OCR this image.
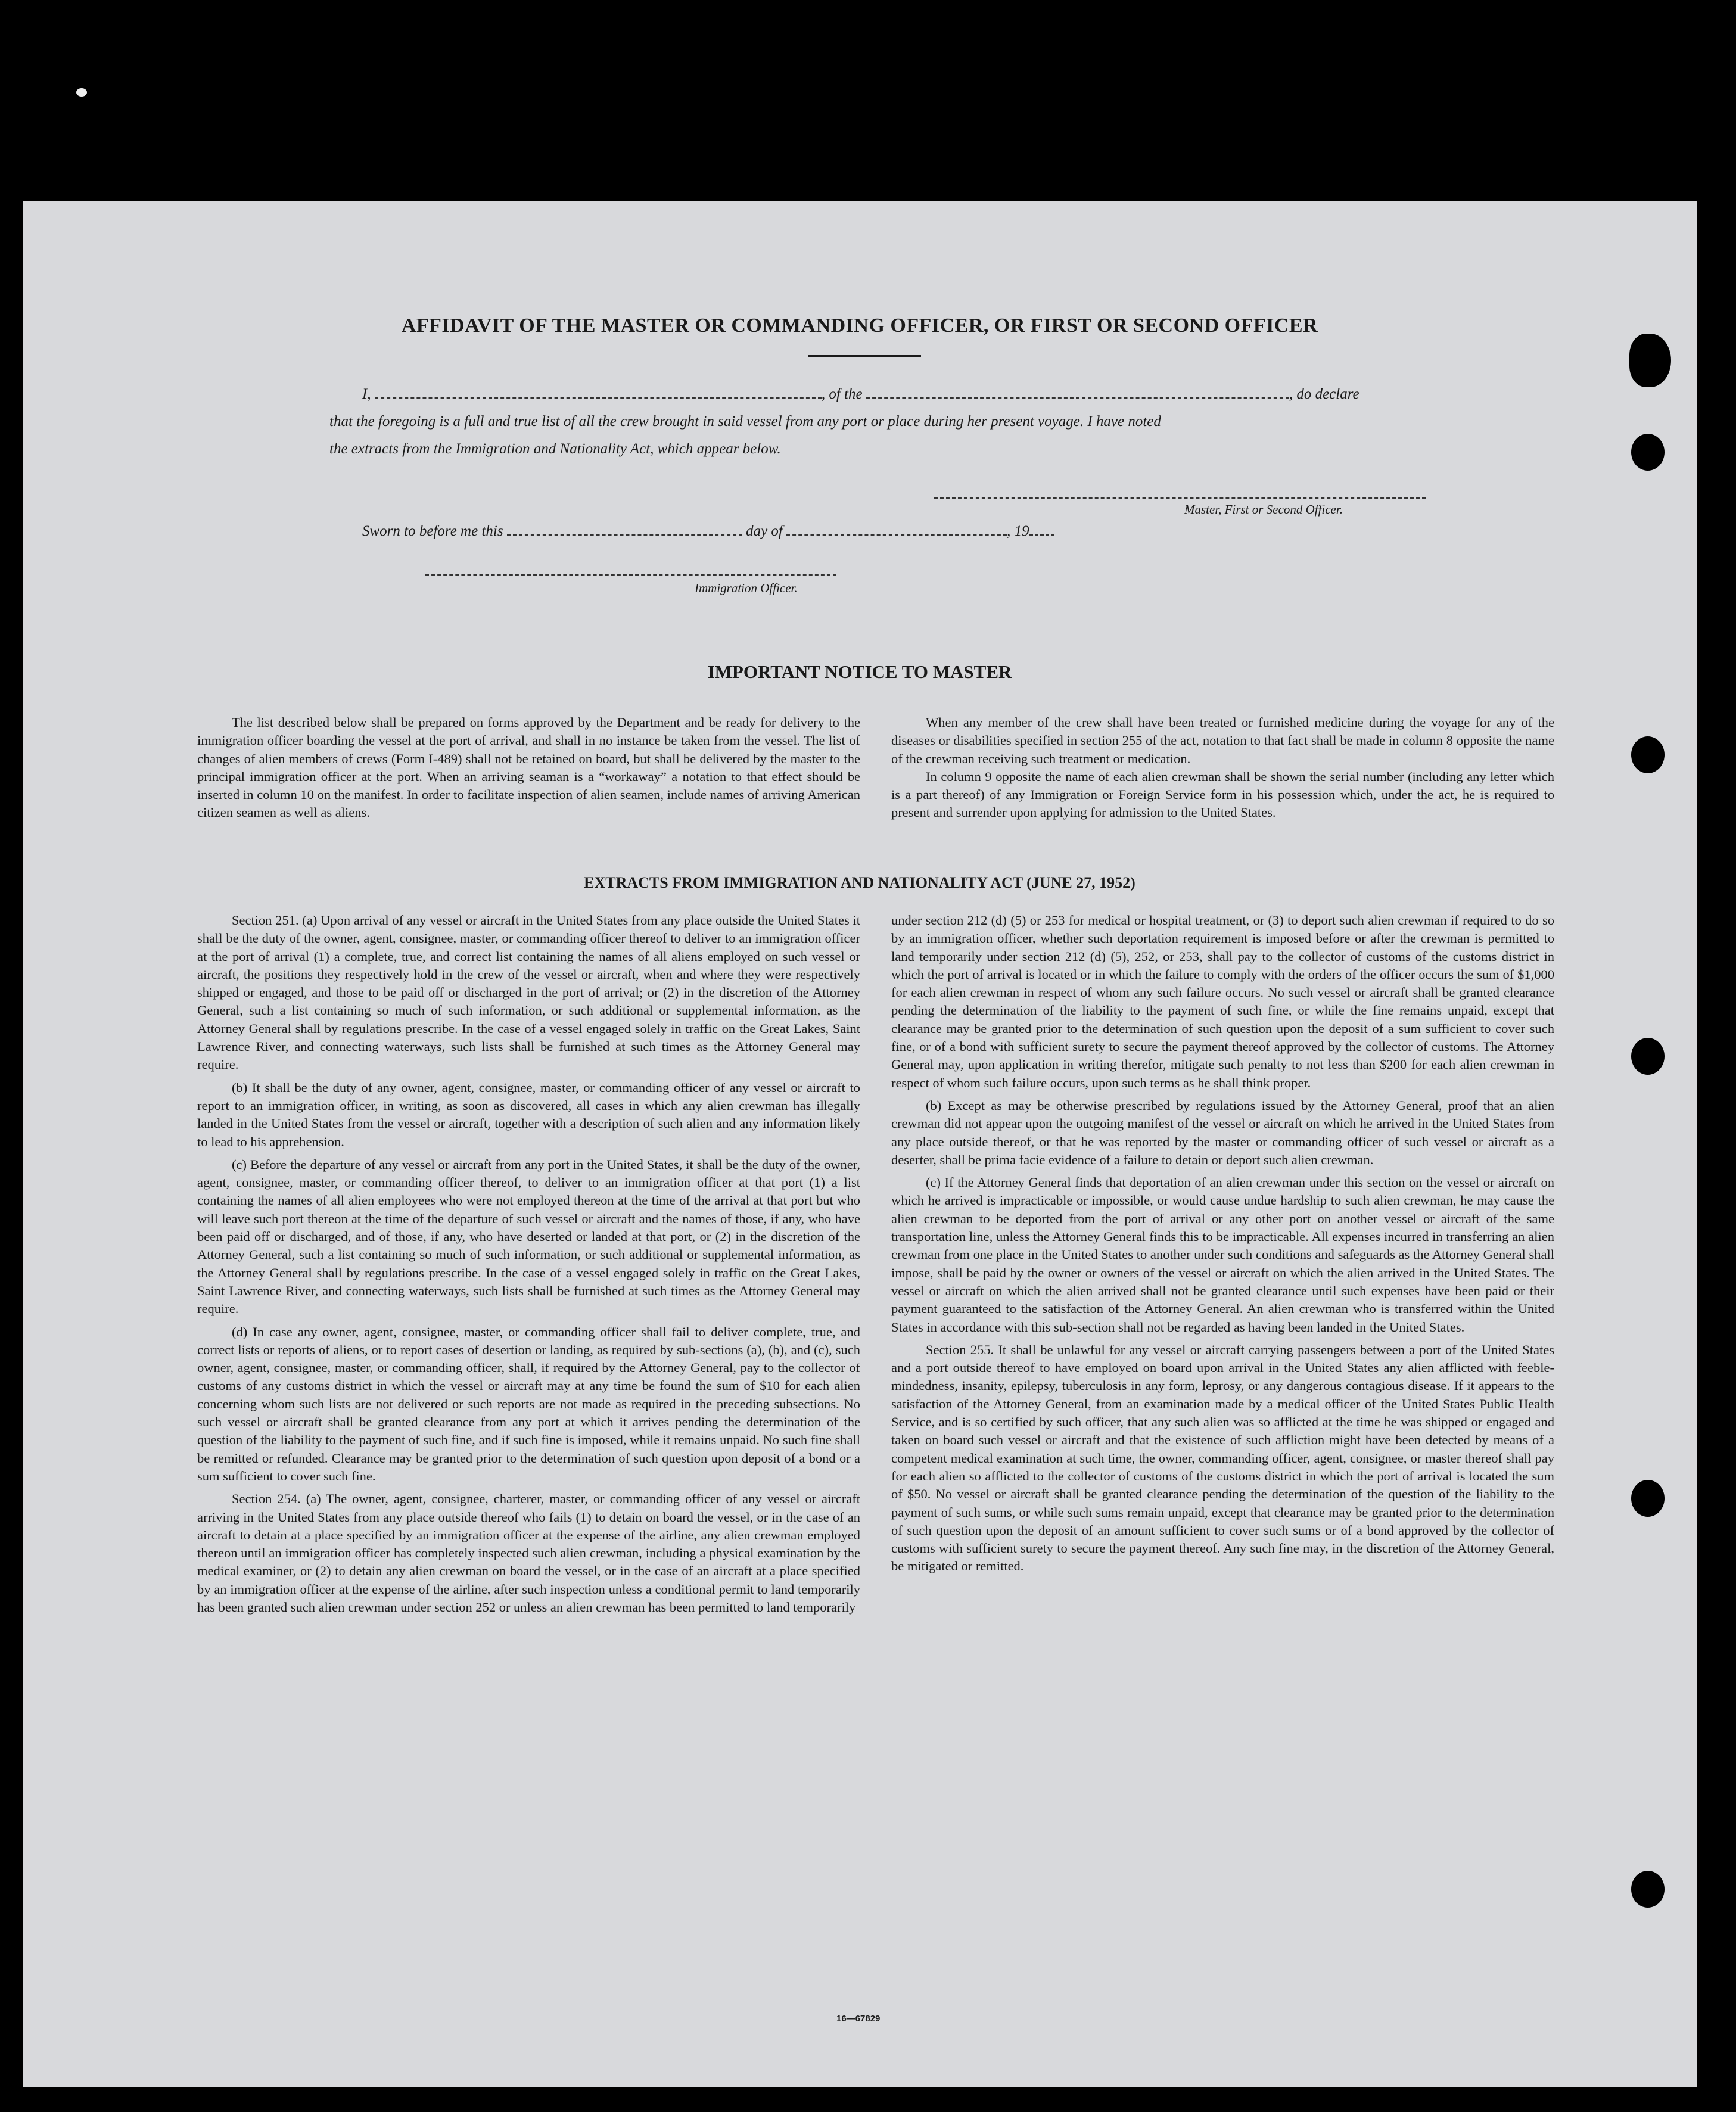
AFFIDAVIT OF THE MASTER OR COMMANDING OFFICER, OR FIRST OR SECOND OFFICER
I,	, of the	, do declare
that the foregoing is a full and true list of all the crew brought in said vessel from any port or place during her present voyage. I have noted
the extracts from the Immigration and Nationality Act, which appear below.
Master, First or Second Officer.
Sworn to before me this	day of	, 19
Immigration Officer.
IMPORTANT NOTICE TO MASTER

The list described below shall be prepared on forms approved by the Department and be ready for delivery to the immigration officer boarding the vessel at the port of arrival, and shall in no instance be taken from the vessel. The list of changes of alien members of crews (Form I-489) shall not be retained on board, but shall be delivered by the master to the principal immigration officer at the port. When an arriving seaman is a “workaway” a notation to that effect should be inserted in column 10 on the manifest. In order to facilitate inspection of alien seamen, include names of arriving American citizen seamen as well as aliens.

When any member of the crew shall have been treated or furnished medicine during the voyage for any of the diseases or disabilities specified in section 255 of the act, notation to that fact shall be made in column 8 opposite the name of the crewman receiving such treatment or medication.

In column 9 opposite the name of each alien crewman shall be shown the serial number (including any letter which is a part thereof) of any Immigration or Foreign Service form in his possession which, under the act, he is required to present and surrender upon applying for admission to the United States.

EXTRACTS FROM IMMIGRATION AND NATIONALITY ACT (JUNE 27, 1952)

Section 251. (a) Upon arrival of any vessel or aircraft in the United States from any place outside the United States it shall be the duty of the owner, agent, consignee, master, or commanding officer thereof to deliver to an immigration officer at the port of arrival (1) a complete, true, and correct list containing the names of all aliens employed on such vessel or aircraft, the positions they respectively hold in the crew of the vessel or aircraft, when and where they were respectively shipped or engaged, and those to be paid off or discharged in the port of arrival; or (2) in the discretion of the Attorney General, such a list containing so much of such information, or such additional or supplemental information, as the Attorney General shall by regulations prescribe. In the case of a vessel engaged solely in traffic on the Great Lakes, Saint Lawrence River, and connecting waterways, such lists shall be furnished at such times as the Attorney General may require.

(b) It shall be the duty of any owner, agent, consignee, master, or commanding officer of any vessel or aircraft to report to an immigration officer, in writing, as soon as discovered, all cases in which any alien crewman has illegally landed in the United States from the vessel or aircraft, together with a description of such alien and any information likely to lead to his apprehension.

(c) Before the departure of any vessel or aircraft from any port in the United States, it shall be the duty of the owner, agent, consignee, master, or commanding officer thereof, to deliver to an immigration officer at that port (1) a list containing the names of all alien employees who were not employed thereon at the time of the arrival at that port but who will leave such port thereon at the time of the departure of such vessel or aircraft and the names of those, if any, who have been paid off or discharged, and of those, if any, who have deserted or landed at that port, or (2) in the discretion of the Attorney General, such a list containing so much of such information, or such additional or supplemental information, as the Attorney General shall by regulations prescribe. In the case of a vessel engaged solely in traffic on the Great Lakes, Saint Lawrence River, and connecting waterways, such lists shall be furnished at such times as the Attorney General may require.

(d) In case any owner, agent, consignee, master, or commanding officer shall fail to deliver complete, true, and correct lists or reports of aliens, or to report cases of desertion or landing, as required by sub-sections (a), (b), and (c), such owner, agent, consignee, master, or commanding officer, shall, if required by the Attorney General, pay to the collector of customs of any customs district in which the vessel or aircraft may at any time be found the sum of $10 for each alien concerning whom such lists are not delivered or such reports are not made as required in the preceding subsections. No such vessel or aircraft shall be granted clearance from any port at which it arrives pending the determination of the question of the liability to the payment of such fine, and if such fine is imposed, while it remains unpaid. No such fine shall be remitted or refunded. Clearance may be granted prior to the determination of such question upon deposit of a bond or a sum sufficient to cover such fine.

Section 254. (a) The owner, agent, consignee, charterer, master, or commanding officer of any vessel or aircraft arriving in the United States from any place outside thereof who fails (1) to detain on board the vessel, or in the case of an aircraft to detain at a place specified by an immigration officer at the expense of the airline, any alien crewman employed thereon until an immigration officer has completely inspected such alien crewman, including a physical examination by the medical examiner, or (2) to detain any alien crewman on board the vessel, or in the case of an aircraft at a place specified by an immigration officer at the expense of the airline, after such inspection unless a conditional permit to land temporarily has been granted such alien crewman under section 252 or unless an alien crewman has been permitted to land temporarily

under section 212 (d) (5) or 253 for medical or hospital treatment, or (3) to deport such alien crewman if required to do so by an immigration officer, whether such deportation requirement is imposed before or after the crewman is permitted to land temporarily under section 212 (d) (5), 252, or 253, shall pay to the collector of customs of the customs district in which the port of arrival is located or in which the failure to comply with the orders of the officer occurs the sum of $1,000 for each alien crewman in respect of whom any such failure occurs. No such vessel or aircraft shall be granted clearance pending the determination of the liability to the payment of such fine, or while the fine remains unpaid, except that clearance may be granted prior to the determination of such question upon the deposit of a sum sufficient to cover such fine, or of a bond with sufficient surety to secure the payment thereof approved by the collector of customs. The Attorney General may, upon application in writing therefor, mitigate such penalty to not less than $200 for each alien crewman in respect of whom such failure occurs, upon such terms as he shall think proper.

(b) Except as may be otherwise prescribed by regulations issued by the Attorney General, proof that an alien crewman did not appear upon the outgoing manifest of the vessel or aircraft on which he arrived in the United States from any place outside thereof, or that he was reported by the master or commanding officer of such vessel or aircraft as a deserter, shall be prima facie evidence of a failure to detain or deport such alien crewman.

(c) If the Attorney General finds that deportation of an alien crewman under this section on the vessel or aircraft on which he arrived is impracticable or impossible, or would cause undue hardship to such alien crewman, he may cause the alien crewman to be deported from the port of arrival or any other port on another vessel or aircraft of the same transportation line, unless the Attorney General finds this to be impracticable. All expenses incurred in transferring an alien crewman from one place in the United States to another under such conditions and safeguards as the Attorney General shall impose, shall be paid by the owner or owners of the vessel or aircraft on which the alien arrived in the United States. The vessel or aircraft on which the alien arrived shall not be granted clearance until such expenses have been paid or their payment guaranteed to the satisfaction of the Attorney General. An alien crewman who is transferred within the United States in accordance with this sub-section shall not be regarded as having been landed in the United States.

Section 255. It shall be unlawful for any vessel or aircraft carrying passengers between a port of the United States and a port outside thereof to have employed on board upon arrival in the United States any alien afflicted with feeble-mindedness, insanity, epilepsy, tuberculosis in any form, leprosy, or any dangerous contagious disease. If it appears to the satisfaction of the Attorney General, from an examination made by a medical officer of the United States Public Health Service, and is so certified by such officer, that any such alien was so afflicted at the time he was shipped or engaged and taken on board such vessel or aircraft and that the existence of such affliction might have been detected by means of a competent medical examination at such time, the owner, commanding officer, agent, consignee, or master thereof shall pay for each alien so afflicted to the collector of customs of the customs district in which the port of arrival is located the sum of $50. No vessel or aircraft shall be granted clearance pending the determination of the question of the liability to the payment of such sums, or while such sums remain unpaid, except that clearance may be granted prior to the determination of such question upon the deposit of an amount sufficient to cover such sums or of a bond approved by the collector of customs with sufficient surety to secure the payment thereof. Any such fine may, in the discretion of the Attorney General, be mitigated or remitted.

16—67829
